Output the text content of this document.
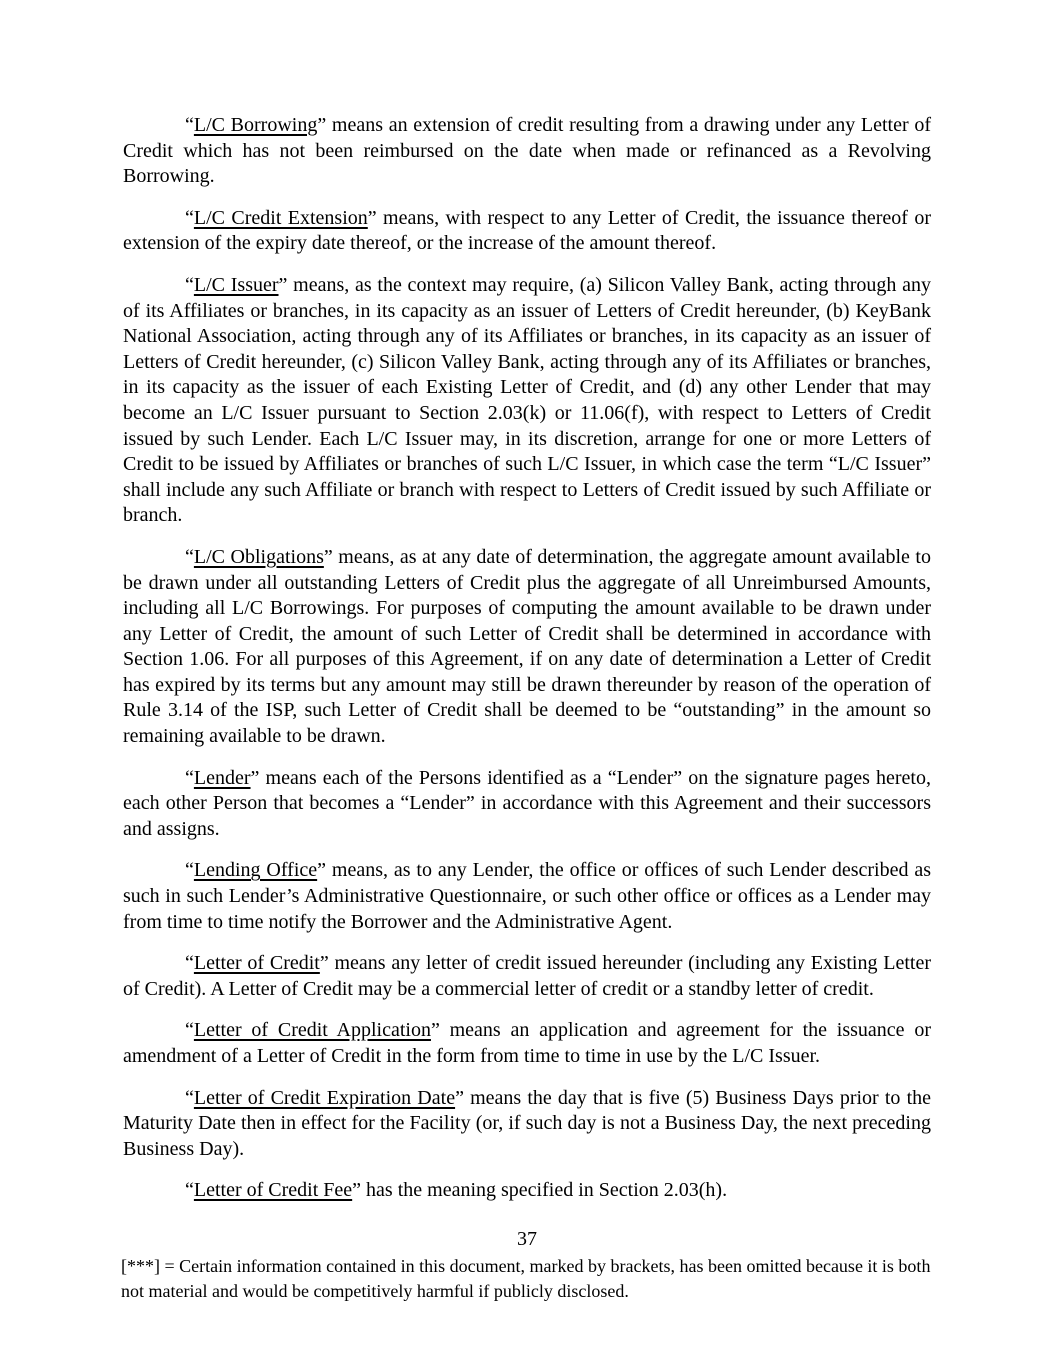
“L/C Borrowing” means an extension of credit resulting from a drawing under any Letter of Credit which has not been reimbursed on the date when made or refinanced as a Revolving Borrowing.

“L/C Credit Extension” means, with respect to any Letter of Credit, the issuance thereof or extension of the expiry date thereof, or the increase of the amount thereof.

“L/C Issuer” means, as the context may require, (a) Silicon Valley Bank, acting through any of its Affiliates or branches, in its capacity as an issuer of Letters of Credit hereunder, (b) KeyBank National Association, acting through any of its Affiliates or branches, in its capacity as an issuer of Letters of Credit hereunder, (c) Silicon Valley Bank, acting through any of its Affiliates or branches, in its capacity as the issuer of each Existing Letter of Credit, and (d) any other Lender that may become an L/C Issuer pursuant to Section 2.03(k) or 11.06(f), with respect to Letters of Credit issued by such Lender. Each L/C Issuer may, in its discretion, arrange for one or more Letters of Credit to be issued by Affiliates or branches of such L/C Issuer, in which case the term “L/C Issuer” shall include any such Affiliate or branch with respect to Letters of Credit issued by such Affiliate or branch.

“L/C Obligations” means, as at any date of determination, the aggregate amount available to be drawn under all outstanding Letters of Credit plus the aggregate of all Unreimbursed Amounts, including all L/C Borrowings. For purposes of computing the amount available to be drawn under any Letter of Credit, the amount of such Letter of Credit shall be determined in accordance with Section 1.06. For all purposes of this Agreement, if on any date of determination a Letter of Credit has expired by its terms but any amount may still be drawn thereunder by reason of the operation of Rule 3.14 of the ISP, such Letter of Credit shall be deemed to be “outstanding” in the amount so remaining available to be drawn.

“Lender” means each of the Persons identified as a “Lender” on the signature pages hereto, each other Person that becomes a “Lender” in accordance with this Agreement and their successors and assigns.

“Lending Office” means, as to any Lender, the office or offices of such Lender described as such in such Lender’s Administrative Questionnaire, or such other office or offices as a Lender may from time to time notify the Borrower and the Administrative Agent.

“Letter of Credit” means any letter of credit issued hereunder (including any Existing Letter of Credit). A Letter of Credit may be a commercial letter of credit or a standby letter of credit.

“Letter of Credit Application” means an application and agreement for the issuance or amendment of a Letter of Credit in the form from time to time in use by the L/C Issuer.

“Letter of Credit Expiration Date” means the day that is five (5) Business Days prior to the Maturity Date then in effect for the Facility (or, if such day is not a Business Day, the next preceding Business Day).

“Letter of Credit Fee” has the meaning specified in Section 2.03(h).

37
[***] = Certain information contained in this document, marked by brackets, has been omitted because it is both not material and would be competitively harmful if publicly disclosed.
